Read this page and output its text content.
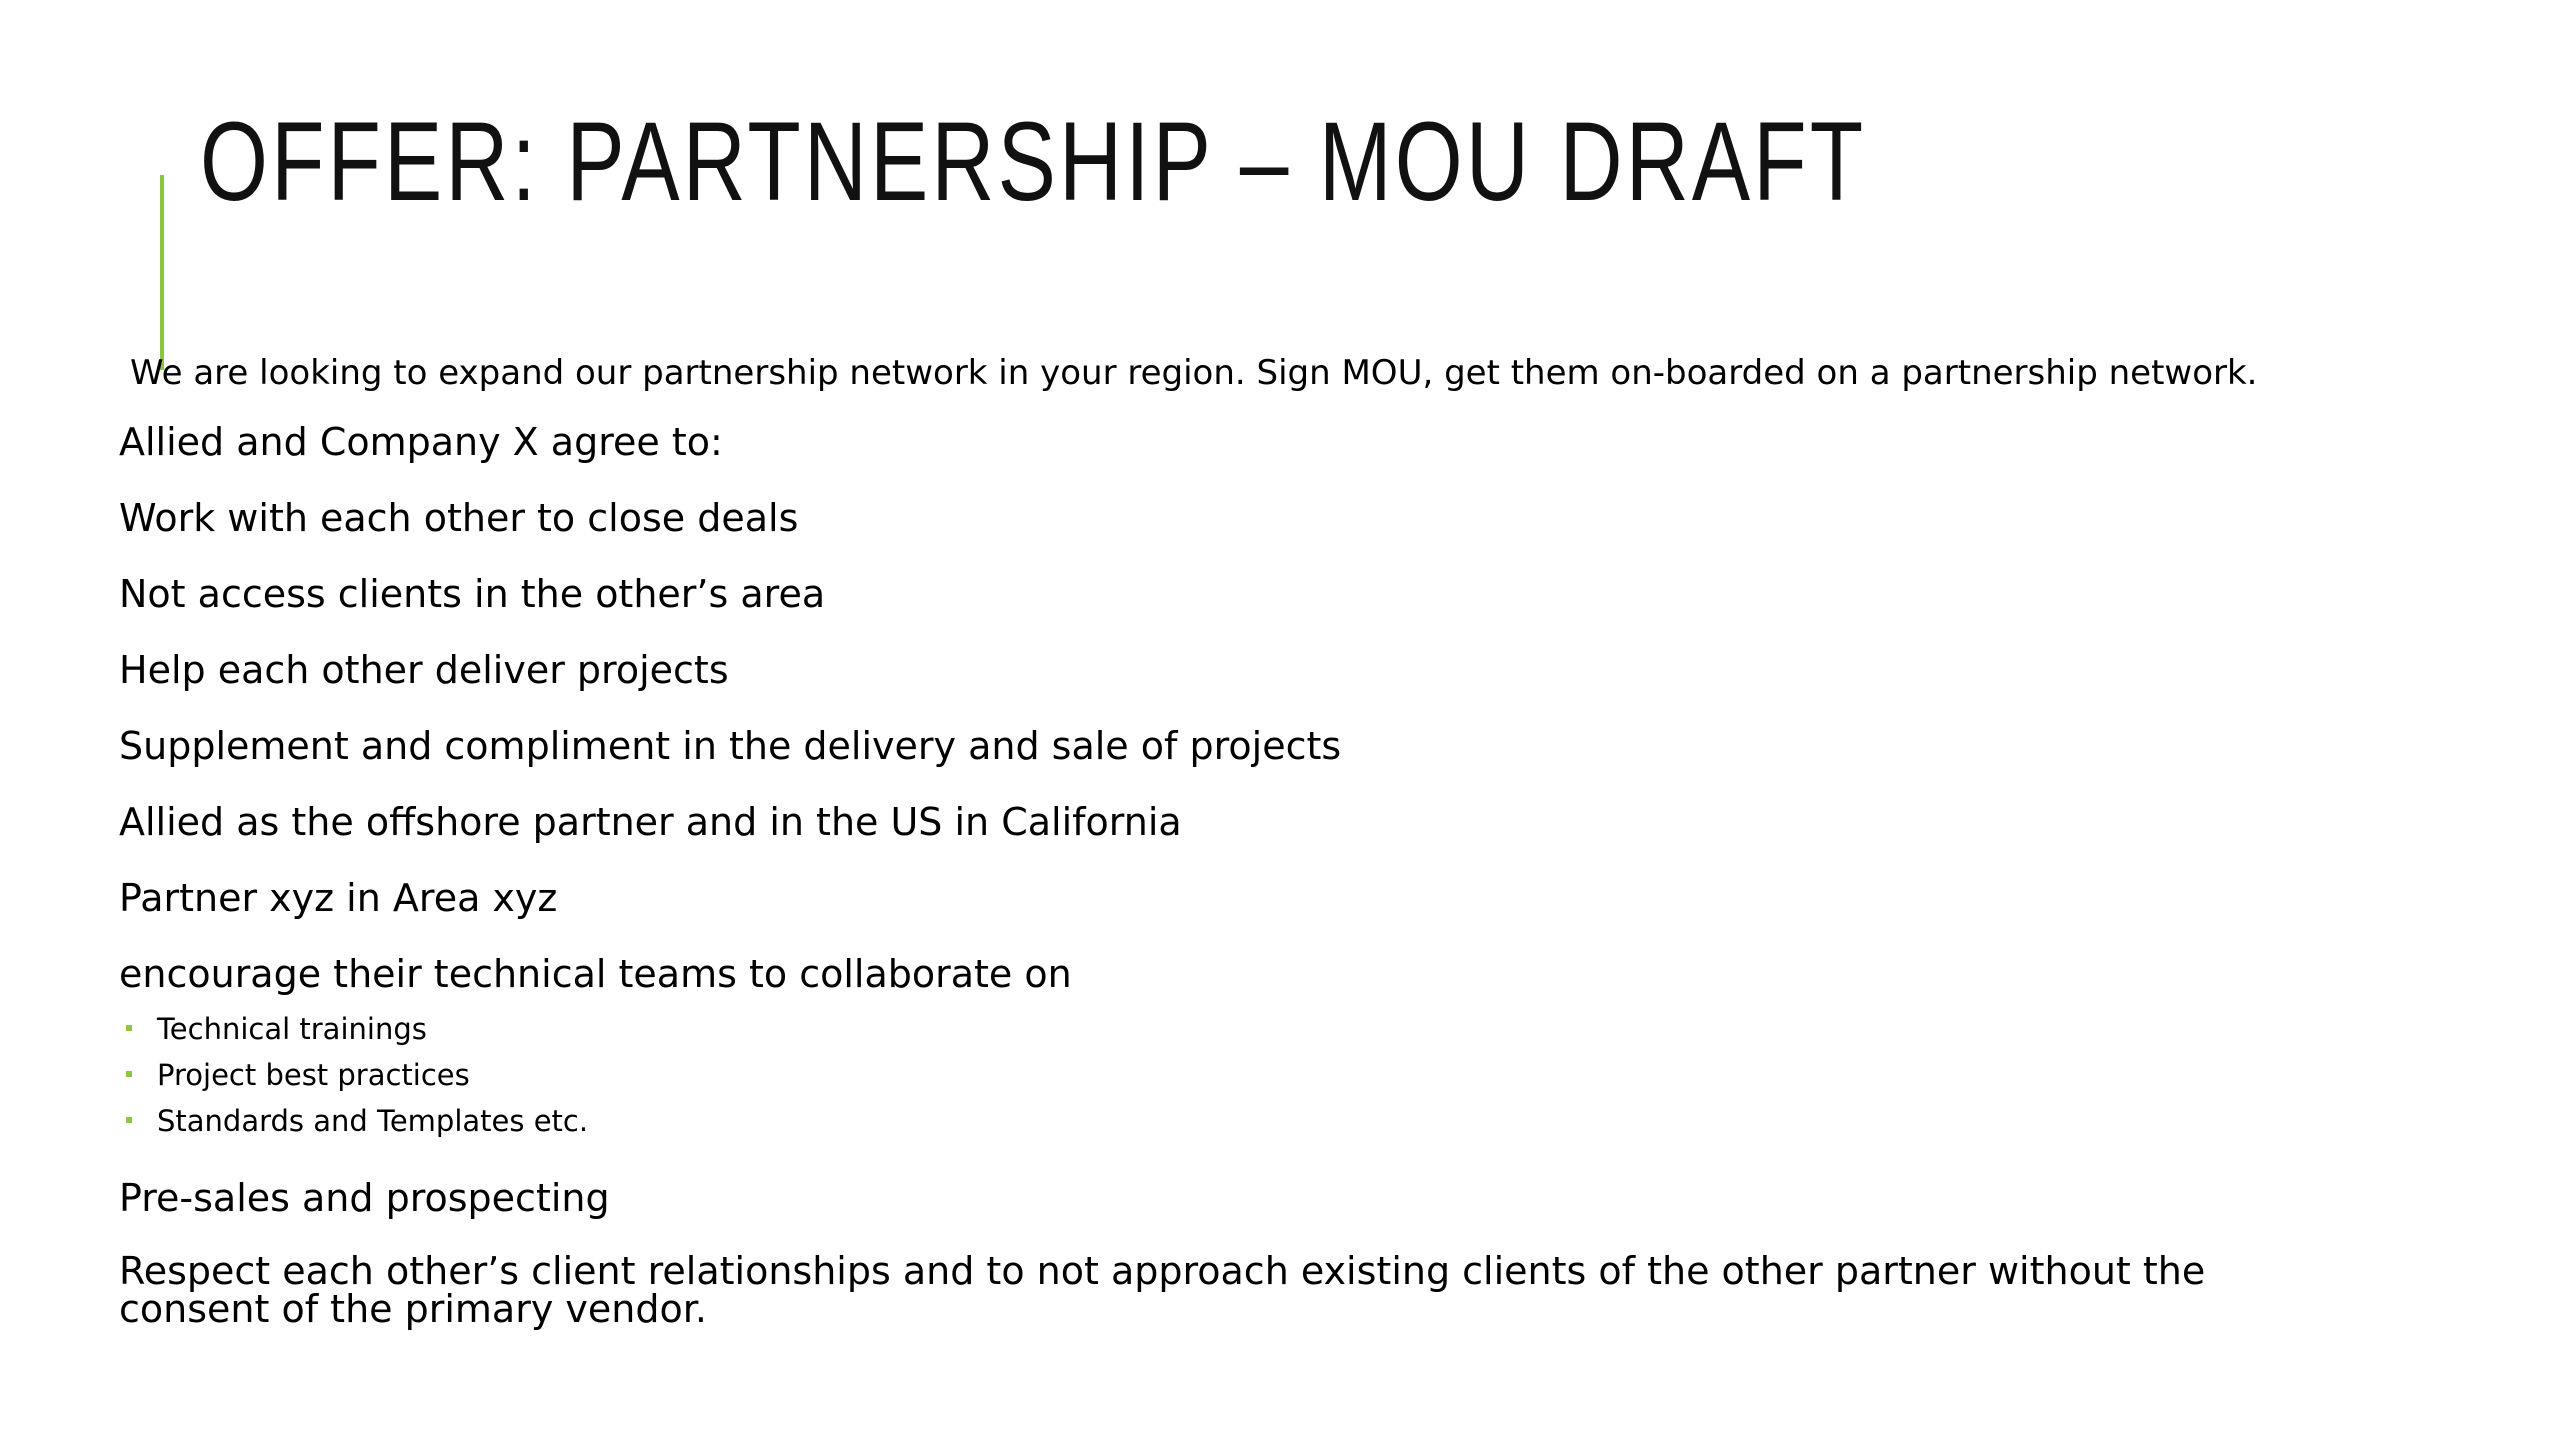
OFFER: PARTNERSHIP – MOU DRAFT
We are looking to expand our partnership network in your region. Sign MOU, get them on-boarded on a partnership network.
Allied and Company X agree to:
Work with each other to close deals
Not access clients in the other’s area
Help each other deliver projects
Supplement and compliment in the delivery and sale of projects
Allied as the offshore partner and in the US in California
Partner xyz in Area xyz
encourage their technical teams to collaborate on
Technical trainings
Project best practices
Standards and Templates etc.
Pre-sales and prospecting
Respect each other’s client relationships and to not approach existing clients of the other partner without the consent of the primary vendor.
